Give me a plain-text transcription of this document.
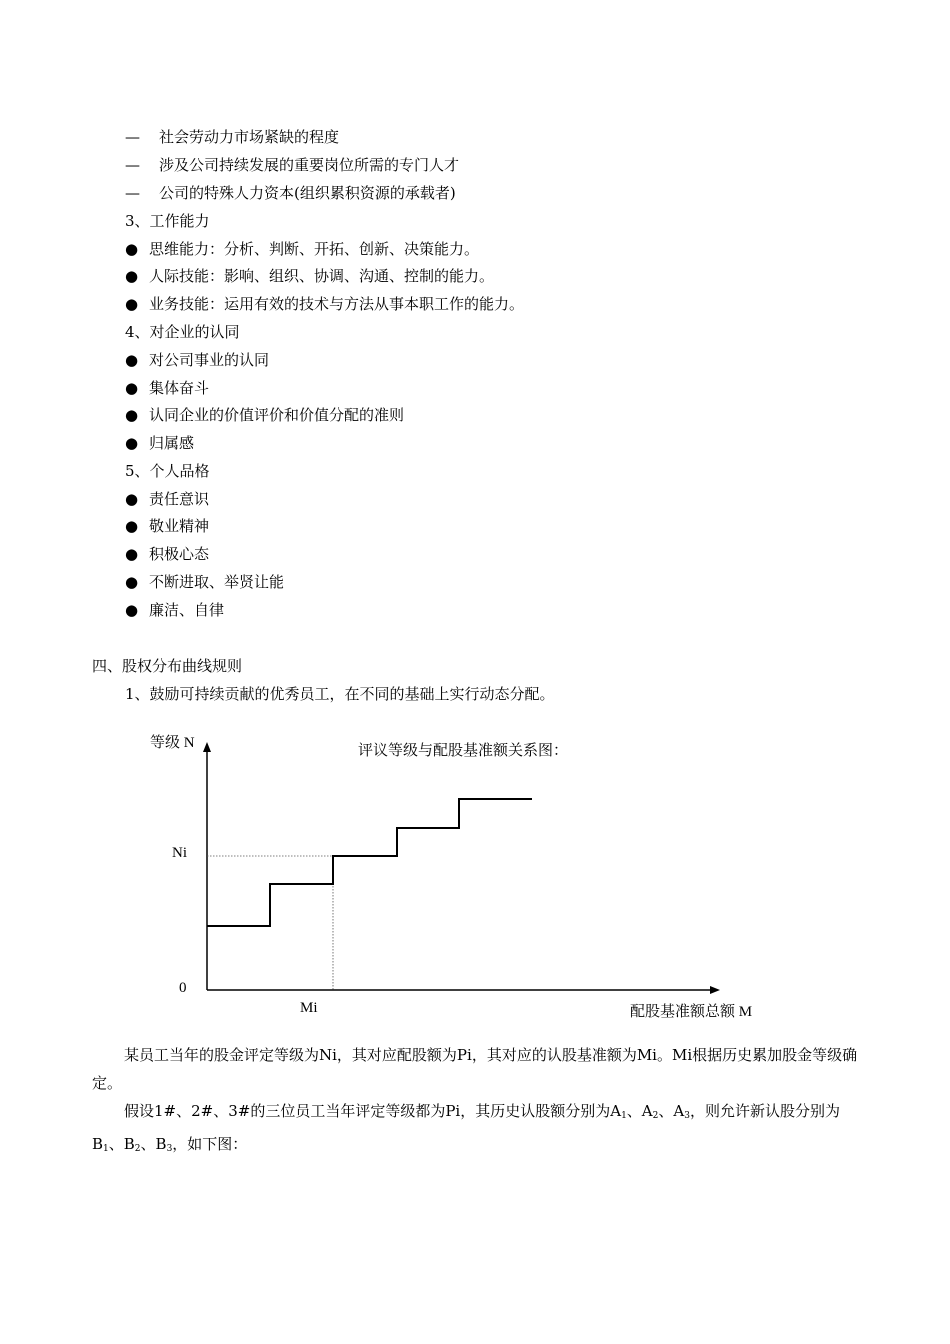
— 社会劳动力市场紧缺的程度
— 涉及公司持续发展的重要岗位所需的专门人才
— 公司的特殊人力资本(组织累积资源的承载者)
3、工作能力
● 思维能力：分析、判断、开拓、创新、决策能力。
● 人际技能：影响、组织、协调、沟通、控制的能力。
● 业务技能：运用有效的技术与方法从事本职工作的能力。
4、对企业的认同
● 对公司事业的认同
● 集体奋斗
● 认同企业的价值评价和价值分配的准则
● 归属感
5、个人品格
● 责任意识
● 敬业精神
● 积极心态
● 不断进取、举贤让能
● 廉洁、自律
四、股权分布曲线规则
1、鼓励可持续贡献的优秀员工，在不同的基础上实行动态分配。
等级 N	评议等级与配股基准额关系图：
Ni
0
Mi	配股基准额总额 M
某员工当年的股金评定等级为Ni，其对应配股额为Pi，其对应的认股基准额为Mi。Mi根据历史累加股金等级确定。
假设1#、2#、3#的三位员工当年评定等级都为Pi，其历史认股额分别为$A_1$、$A_2$、$A_3$，则允许新认股分别为$B_1$、$B_2$、$B_3$，如下图：
